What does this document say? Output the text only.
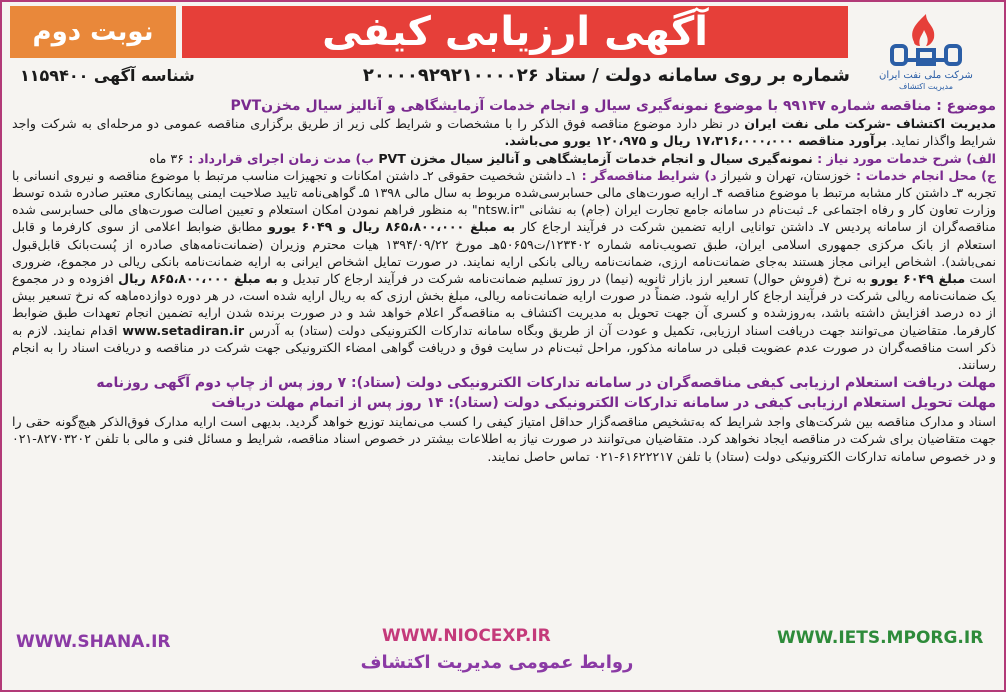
نوبت دوم	آگهی ارزیابی کیفی
شرکت ملی نفت ایران
مدیریت اکتشاف
شماره بر روی سامانه دولت / ستاد ۲۰۰۰۰۹۲۹۲۱۰۰۰۰۲۶
شناسه آگهی ۱۱۵۹۴۰۰

موضوع : مناقصه شماره ۹۹۱۴۷ با موضوع نمونه‌گیری سیال و انجام خدمات آزمایشگاهی و آنالیز سیال مخزنPVT

مدیریت اکتشاف -شرکت ملی نفت ایران در نظر دارد موضوع مناقصه فوق الذکر را با مشخصات و شرایط کلی زیر از طریق برگزاری مناقصه عمومی دو مرحله‌ای به شرکت واجد شرایط واگذار نماید. برآورد مناقصه ۱۷،۳۱۶،۰۰۰،۰۰۰ ریال و ۱۲۰،۹۷۵ یورو می‌باشد.

الف) شرح خدمات مورد نیاز : نمونه‌گیری سیال و انجام خدمات آزمایشگاهی و آنالیز سیال مخزن PVT ب) مدت زمان اجرای قرارداد : ۳۶ ماه

ج) محل انجام خدمات : خوزستان، تهران و شیراز د) شرایط مناقصه‌گر : ۱ـ داشتن شخصیت حقوقی ۲ـ داشتن امکانات و تجهیزات مناسب مرتبط با موضوع مناقصه و نیروی انسانی با تجربه ۳ـ داشتن کار مشابه مرتبط با موضوع مناقصه ۴ـ ارایه صورت‌های مالی حسابرسی‌شده مربوط به سال مالی ۱۳۹۸ ۵ـ گواهی‌نامه تایید صلاحیت ایمنی پیمانکاری معتبر صادره شده توسط وزارت تعاون کار و رفاه اجتماعی ۶ـ ثبت‌نام در سامانه جامع تجارت ایران (جام) به نشانی "ntsw.ir" به منظور فراهم نمودن امکان استعلام و تعیین اصالت صورت‌های مالی حسابرسی شده مناقصه‌گران از سامانه پردیس ۷ـ داشتن توانایی ارایه تضمین شرکت در فرآیند ارجاع کار به مبلغ ۸۶۵،۸۰۰،۰۰۰ ریال و ۶۰۴۹ یورو مطابق ضوابط اعلامی از سوی کارفرما و قابل استعلام از بانک مرکزی جمهوری اسلامی ایران، طبق تصویب‌نامه شماره ۱۲۳۴۰۲/ت۵۰۶۵۹هـ مورخ ۱۳۹۴/۰۹/۲۲ هیات محترم وزیران (ضمانت‌نامه‌های صادره از پُست‌بانک قابل‌قبول نمی‌باشد). اشخاص ایرانی مجاز هستند به‌جای ضمانت‌نامه ارزی، ضمانت‌نامه ریالی بانکی ارایه نمایند. در صورت تمایل اشخاص ایرانی به ارایه ضمانت‌نامه بانکی ریالی در مجموع، ضروری است مبلغ ۶۰۴۹ یورو به نرخ (فروش حوال) تسعیر ارز بازار ثانویه (نیما) در روز تسلیم ضمانت‌نامه شرکت در فرآیند ارجاع کار تبدیل و به مبلغ ۸۶۵،۸۰۰،۰۰۰ ریال افزوده و در مجموع یک ضمانت‌نامه ریالی شرکت در فرآیند ارجاع کار ارایه شود. ضمناً در صورت ارایه ضمانت‌نامه ریالی، مبلغ بخش ارزی که به ریال ارایه شده است، در هر دوره دوازده‌ماهه که نرخ تسعیر بیش از ده درصد افزایش داشته باشد، به‌روزشده و کسری آن جهت تحویل به مدیریت اکتشاف به مناقصه‌گر اعلام خواهد شد و در صورت برنده شدن ارایه تضمین انجام تعهدات طبق ضوابط کارفرما. متقاضیان می‌توانند جهت دریافت اسناد ارزیابی، تکمیل و عودت آن از طریق وبگاه سامانه تدارکات الکترونیکی دولت (ستاد) به آدرس www.setadiran.ir اقدام نمایند. لازم به ذکر است مناقصه‌گران در صورت عدم عضویت قبلی در سامانه مذکور، مراحل ثبت‌نام در سایت فوق و دریافت گواهی امضاء الکترونیکی جهت شرکت در مناقصه و دریافت اسناد را به انجام رسانند.

مهلت دریافت استعلام ارزیابی کیفی مناقصه‌گران در سامانه تدارکات الکترونیکی دولت (ستاد): ۷ روز پس از چاپ دوم آگهی روزنامه

مهلت تحویل استعلام ارزیابی کیفی در سامانه تدارکات الکترونیکی دولت (ستاد): ۱۴ روز پس از اتمام مهلت دریافت

اسناد و مدارک مناقصه بین شرکت‌های واجد شرایط که به‌تشخیص مناقصه‌گزار حداقل امتیاز کیفی را کسب می‌نمایند توزیع خواهد گردید. بدیهی است ارایه مدارک فوق‌الذکر هیچ‌گونه حقی را جهت متقاضیان برای شرکت در مناقصه ایجاد نخواهد کرد. متقاضیان می‌توانند در صورت نیاز به اطلاعات بیشتر در خصوص اسناد مناقصه، شرایط و مسائل فنی و مالی با تلفن ۸۲۷۰۳۲۰۲-۰۲۱ و در خصوص سامانه تدارکات الکترونیکی دولت (ستاد) با تلفن ۶۱۶۲۲۲۱۷-۰۲۱ تماس حاصل نمایند.

WWW.SHANA.IR	WWW.NIOCEXP.IR	WWW.IETS.MPORG.IR
روابط عمومی مدیریت اکتشاف
